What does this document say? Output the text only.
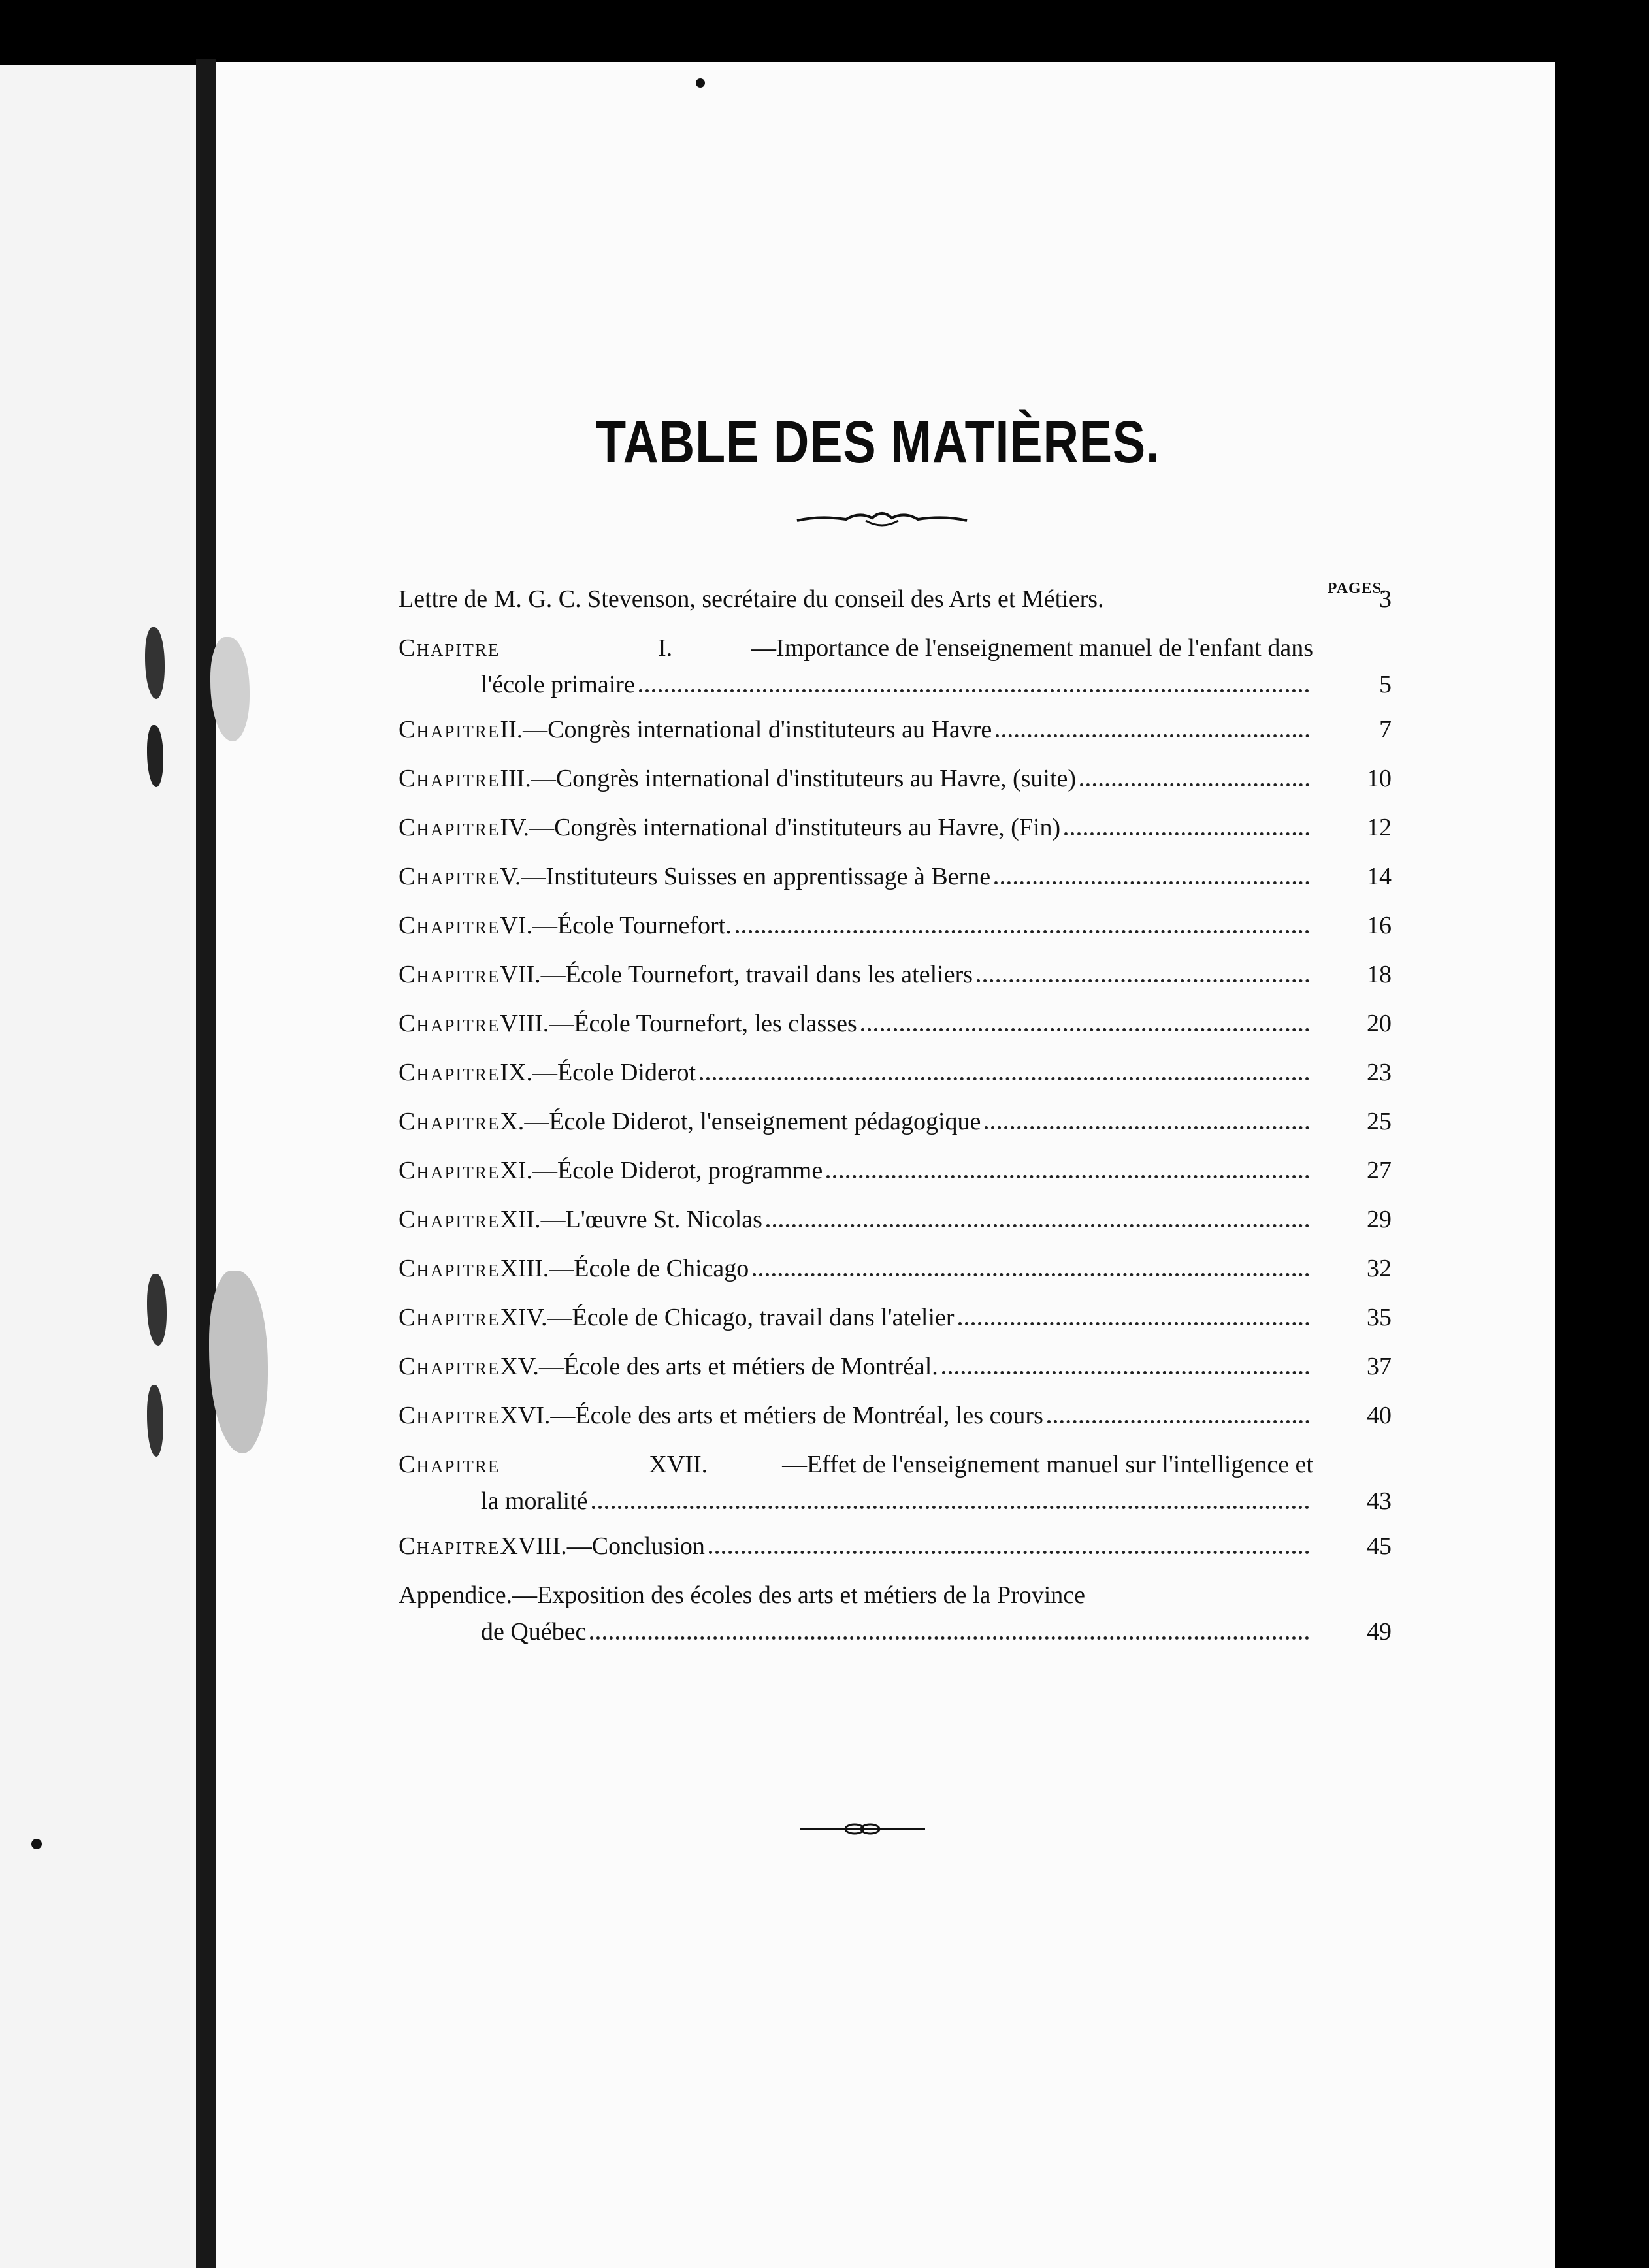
TABLE DES MATIÈRES.
PAGES.
Lettre de M. G. C. Stevenson, secrétaire du conseil des Arts et Métiers.	3
Chapitre	I.	—Importance de l'enseignement manuel de l'enfant dans
l'école primaire	5
Chapitre II. —Congrès international d'instituteurs au Havre	7
Chapitre III. —Congrès international d'instituteurs au Havre, (suite)	10
Chapitre IV. —Congrès international d'instituteurs au Havre, (Fin)	12
Chapitre V. —Instituteurs Suisses en apprentissage à Berne	14
Chapitre VI. —École Tournefort.	16
Chapitre VII. —École Tournefort, travail dans les ateliers	18
Chapitre VIII. —École Tournefort, les classes	20
Chapitre IX. —École Diderot	23
Chapitre X. —École Diderot, l'enseignement pédagogique	25
Chapitre XI. —École Diderot, programme	27
Chapitre XII. —L'œuvre St. Nicolas	29
Chapitre XIII. —École de Chicago	32
Chapitre XIV. —École de Chicago, travail dans l'atelier	35
Chapitre XV. —École des arts et métiers de Montréal.	37
Chapitre XVI. —École des arts et métiers de Montréal, les cours	40
Chapitre	XVII.	—Effet de l'enseignement manuel sur l'intelligence et
la moralité	43
Chapitre XVIII. —Conclusion	45
Appendice.—Exposition des écoles des arts et métiers de la Province
de Québec	49
